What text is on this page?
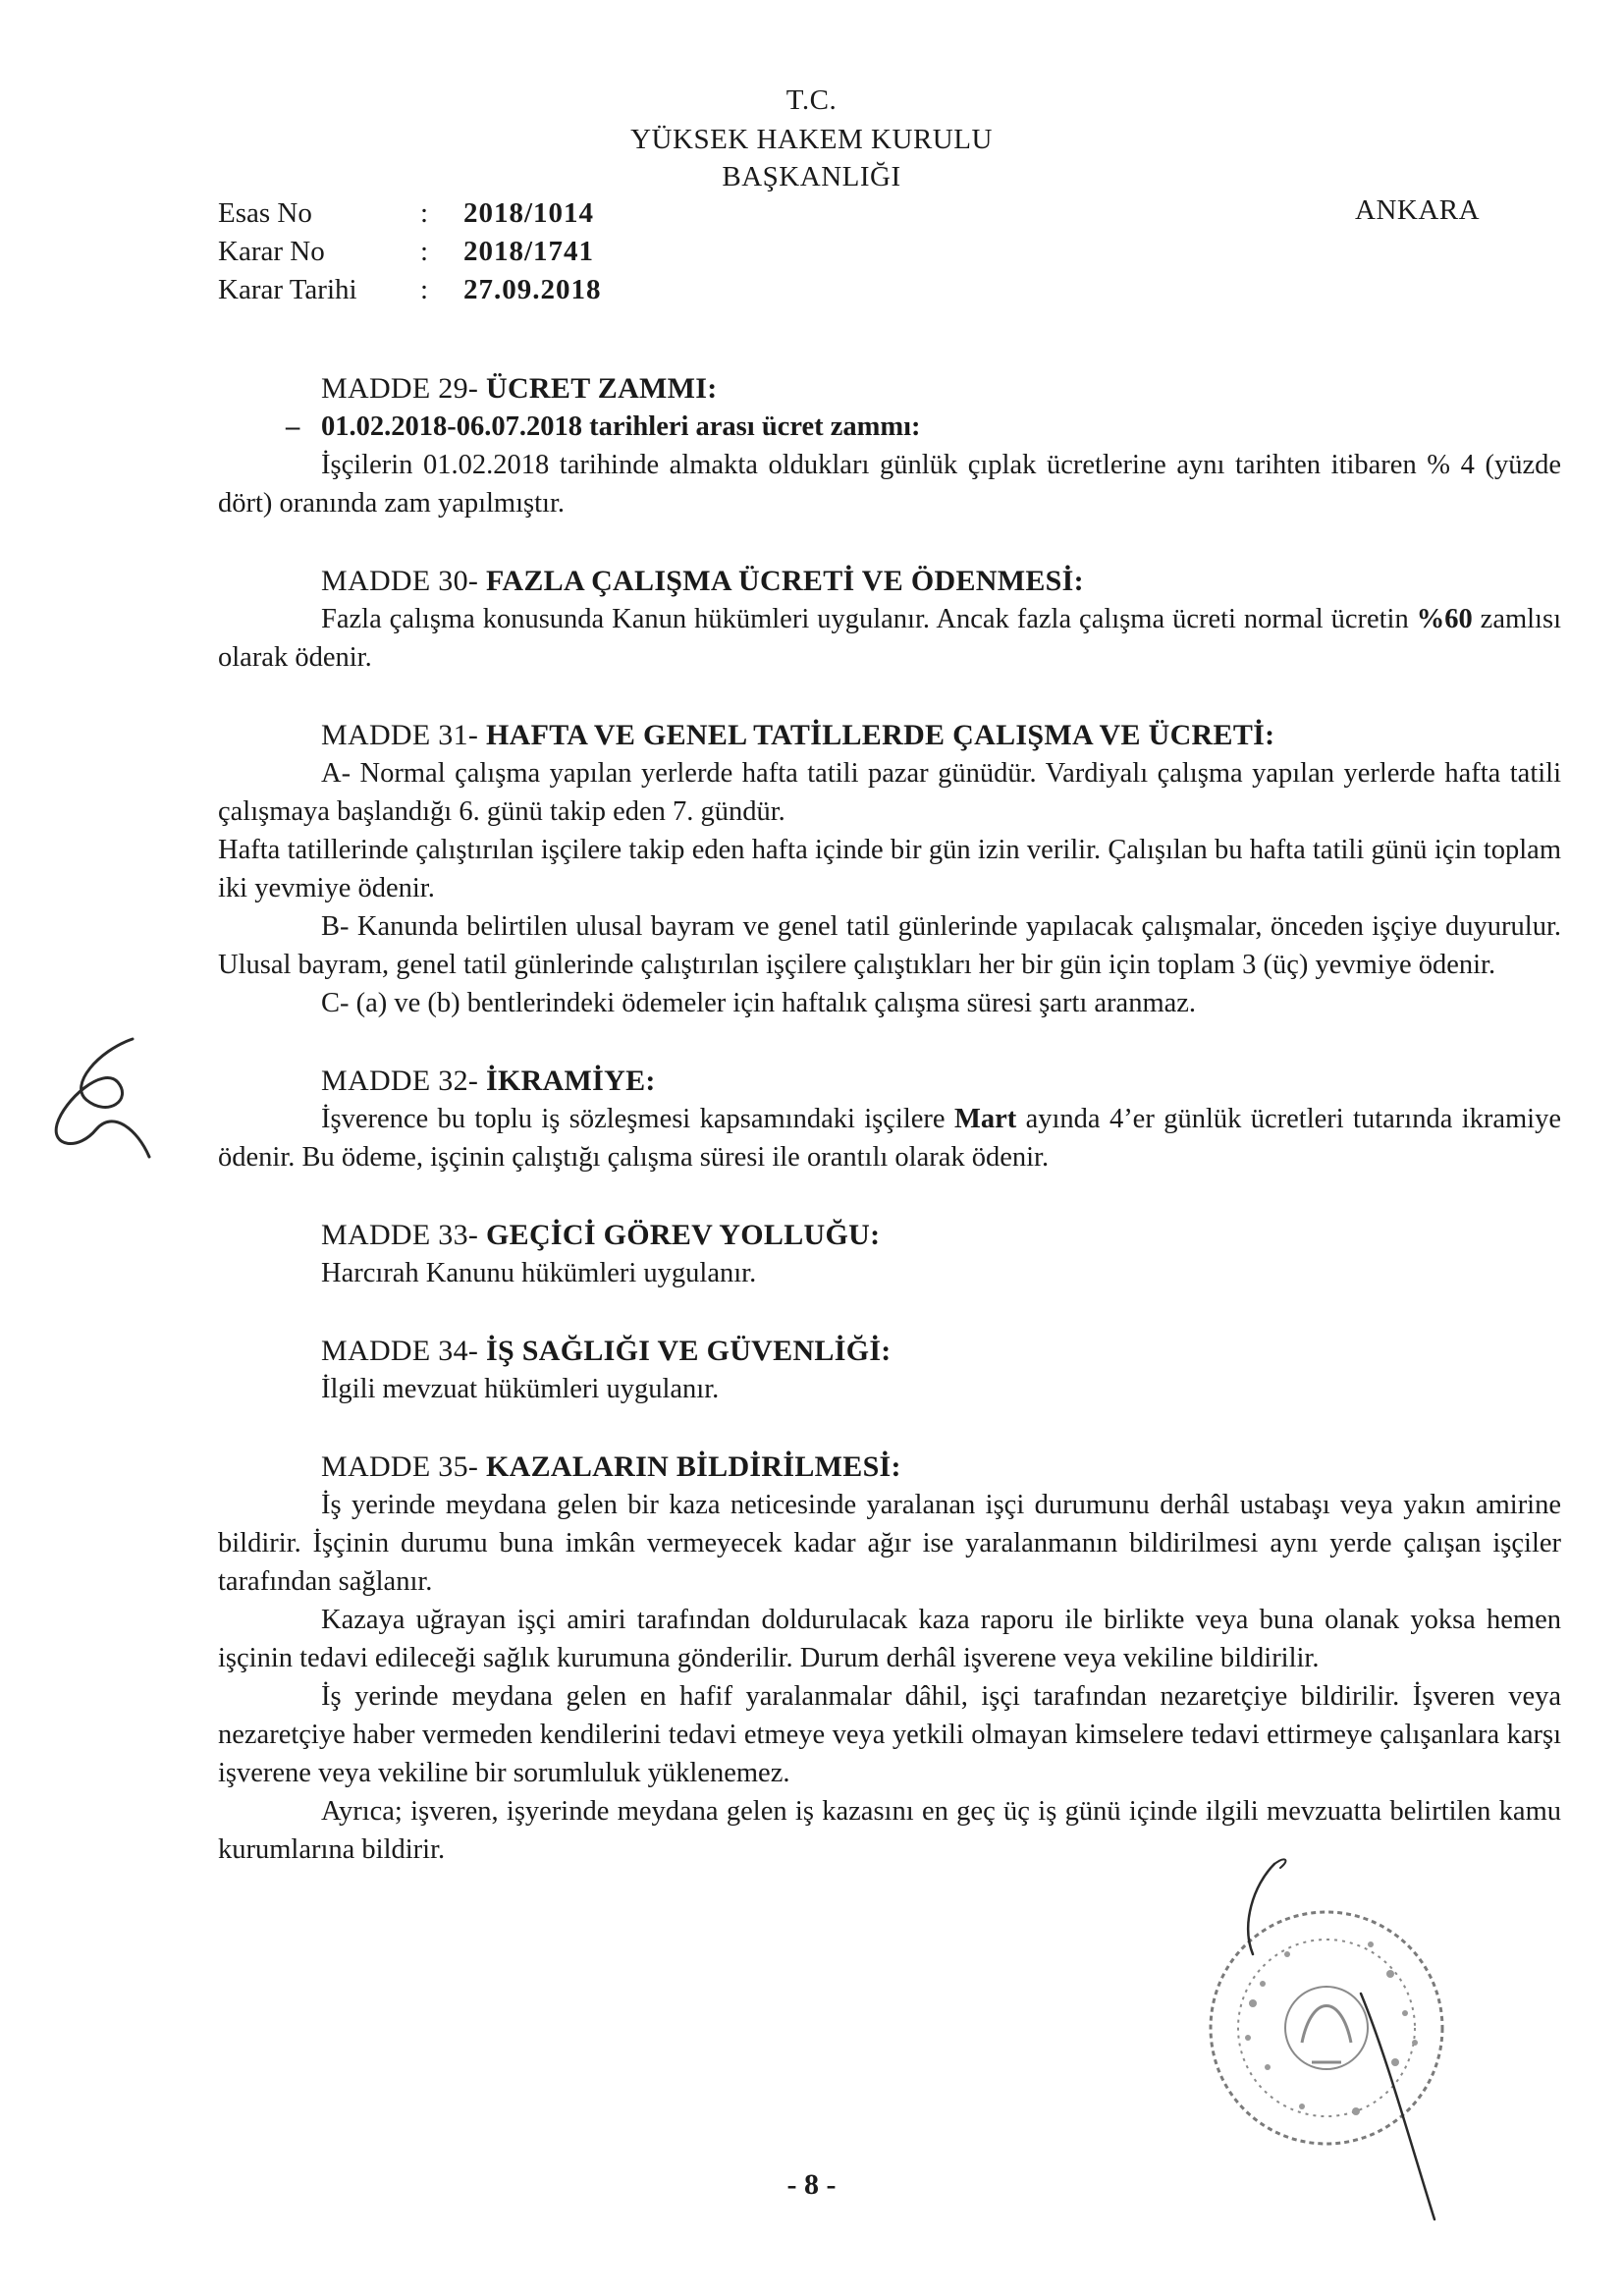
T.C.
YÜKSEK HAKEM KURULU
BAŞKANLIĞI
Esas No	:	2018/1014
Karar No	:	2018/1741
Karar Tarihi	:	27.09.2018
ANKARA
MADDE 29- ÜCRET ZAMMI:
– 01.02.2018-06.07.2018 tarihleri arası ücret zammı:
İşçilerin 01.02.2018 tarihinde almakta oldukları günlük çıplak ücretlerine aynı tarihten itibaren % 4 (yüzde dört) oranında zam yapılmıştır.
MADDE 30- FAZLA ÇALIŞMA ÜCRETİ VE ÖDENMESİ:
Fazla çalışma konusunda Kanun hükümleri uygulanır. Ancak fazla çalışma ücreti normal ücretin %60 zamlısı olarak ödenir.
MADDE 31- HAFTA VE GENEL TATİLLERDE ÇALIŞMA VE ÜCRETİ:
A- Normal çalışma yapılan yerlerde hafta tatili pazar günüdür. Vardiyalı çalışma yapılan yerlerde hafta tatili çalışmaya başlandığı 6. günü takip eden 7. gündür.
Hafta tatillerinde çalıştırılan işçilere takip eden hafta içinde bir gün izin verilir. Çalışılan bu hafta tatili günü için toplam iki yevmiye ödenir.
B- Kanunda belirtilen ulusal bayram ve genel tatil günlerinde yapılacak çalışmalar, önceden işçiye duyurulur. Ulusal bayram, genel tatil günlerinde çalıştırılan işçilere çalıştıkları her bir gün için toplam 3 (üç) yevmiye ödenir.
C- (a) ve (b) bentlerindeki ödemeler için haftalık çalışma süresi şartı aranmaz.
MADDE 32- İKRAMİYE:
İşverence bu toplu iş sözleşmesi kapsamındaki işçilere Mart ayında 4’er günlük ücretleri tutarında ikramiye ödenir. Bu ödeme, işçinin çalıştığı çalışma süresi ile orantılı olarak ödenir.
MADDE 33- GEÇİCİ GÖREV YOLLUĞU:
Harcırah Kanunu hükümleri uygulanır.
MADDE 34- İŞ SAĞLIĞI VE GÜVENLİĞİ:
İlgili mevzuat hükümleri uygulanır.
MADDE 35- KAZALARIN BİLDİRİLMESİ:
İş yerinde meydana gelen bir kaza neticesinde yaralanan işçi durumunu derhâl ustabaşı veya yakın amirine bildirir. İşçinin durumu buna imkân vermeyecek kadar ağır ise yaralanmanın bildirilmesi aynı yerde çalışan işçiler tarafından sağlanır.
Kazaya uğrayan işçi amiri tarafından doldurulacak kaza raporu ile birlikte veya buna olanak yoksa hemen işçinin tedavi edileceği sağlık kurumuna gönderilir. Durum derhâl işverene veya vekiline bildirilir.
İş yerinde meydana gelen en hafif yaralanmalar dâhil, işçi tarafından nezaretçiye bildirilir. İşveren veya nezaretçiye haber vermeden kendilerini tedavi etmeye veya yetkili olmayan kimselere tedavi ettirmeye çalışanlara karşı işverene veya vekiline bir sorumluluk yüklenemez.
Ayrıca; işveren, işyerinde meydana gelen iş kazasını en geç üç iş günü içinde ilgili mevzuatta belirtilen kamu kurumlarına bildirir.
- 8 -
